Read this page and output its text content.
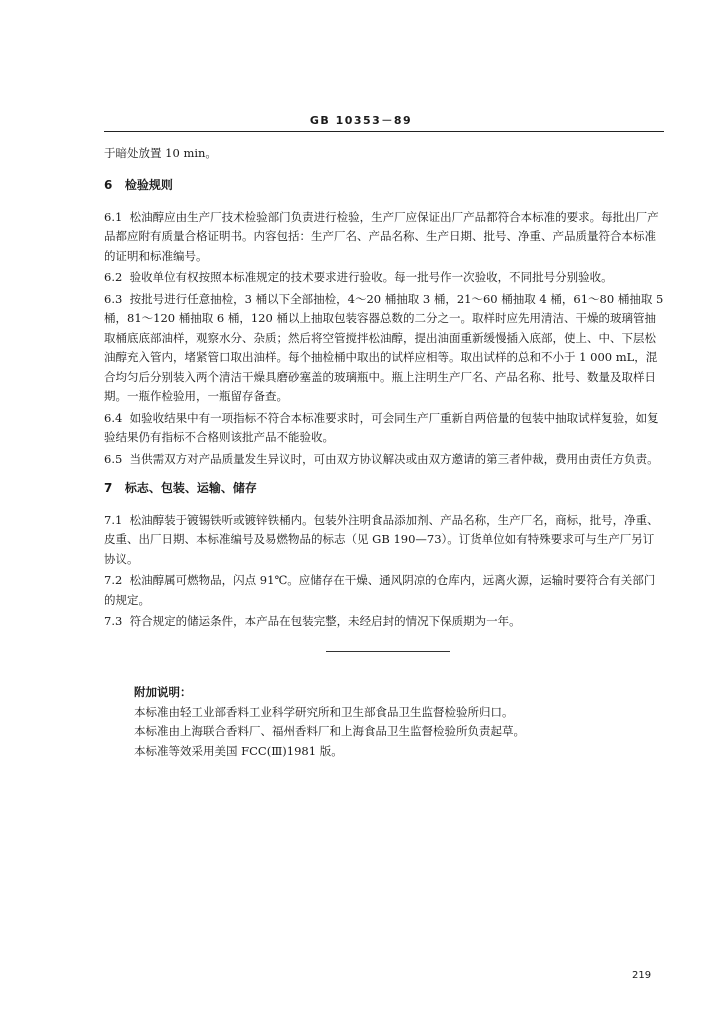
GB 10353－89

于暗处放置 10 min。

6 检验规则
6.1 松油醇应由生产厂技术检验部门负责进行检验，生产厂应保证出厂产品都符合本标准的要求。每批出厂产品都应附有质量合格证明书。内容包括：生产厂名、产品名称、生产日期、批号、净重、产品质量符合本标准的证明和标准编号。
6.2 验收单位有权按照本标准规定的技术要求进行验收。每一批号作一次验收，不同批号分别验收。
6.3 按批号进行任意抽检，3 桶以下全部抽检，4～20 桶抽取 3 桶，21～60 桶抽取 4 桶，61～80 桶抽取 5 桶，81～120 桶抽取 6 桶，120 桶以上抽取包装容器总数的二分之一。取样时应先用清洁、干燥的玻璃管抽取桶底底部油样，观察水分、杂质；然后将空管搅拌松油醇，提出油面重新缓慢插入底部，使上、中、下层松油醇充入管内，堵紧管口取出油样。每个抽检桶中取出的试样应相等。取出试样的总和不小于 1 000 mL，混合均匀后分别装入两个清洁干燥具磨砂塞盖的玻璃瓶中。瓶上注明生产厂名、产品名称、批号、数量及取样日期。一瓶作检验用，一瓶留存备查。
6.4 如验收结果中有一项指标不符合本标准要求时，可会同生产厂重新自两倍量的包装中抽取试样复验，如复验结果仍有指标不合格则该批产品不能验收。
6.5 当供需双方对产品质量发生异议时，可由双方协议解决或由双方邀请的第三者仲裁，费用由责任方负责。
7 标志、包装、运输、储存
7.1 松油醇装于镀锡铁听或镀锌铁桶内。包装外注明食品添加剂、产品名称，生产厂名，商标，批号，净重、皮重、出厂日期、本标准编号及易燃物品的标志（见 GB 190—73）。订货单位如有特殊要求可与生产厂另订协议。
7.2 松油醇属可燃物品，闪点 91℃。应储存在干燥、通风阴凉的仓库内，远离火源，运输时要符合有关部门的规定。
7.3 符合规定的储运条件，本产品在包装完整，未经启封的情况下保质期为一年。
附加说明：
本标准由轻工业部香料工业科学研究所和卫生部食品卫生监督检验所归口。
本标准由上海联合香料厂、福州香料厂和上海食品卫生监督检验所负责起草。
本标准等效采用美国 FCC(Ⅲ)1981 版。
219
